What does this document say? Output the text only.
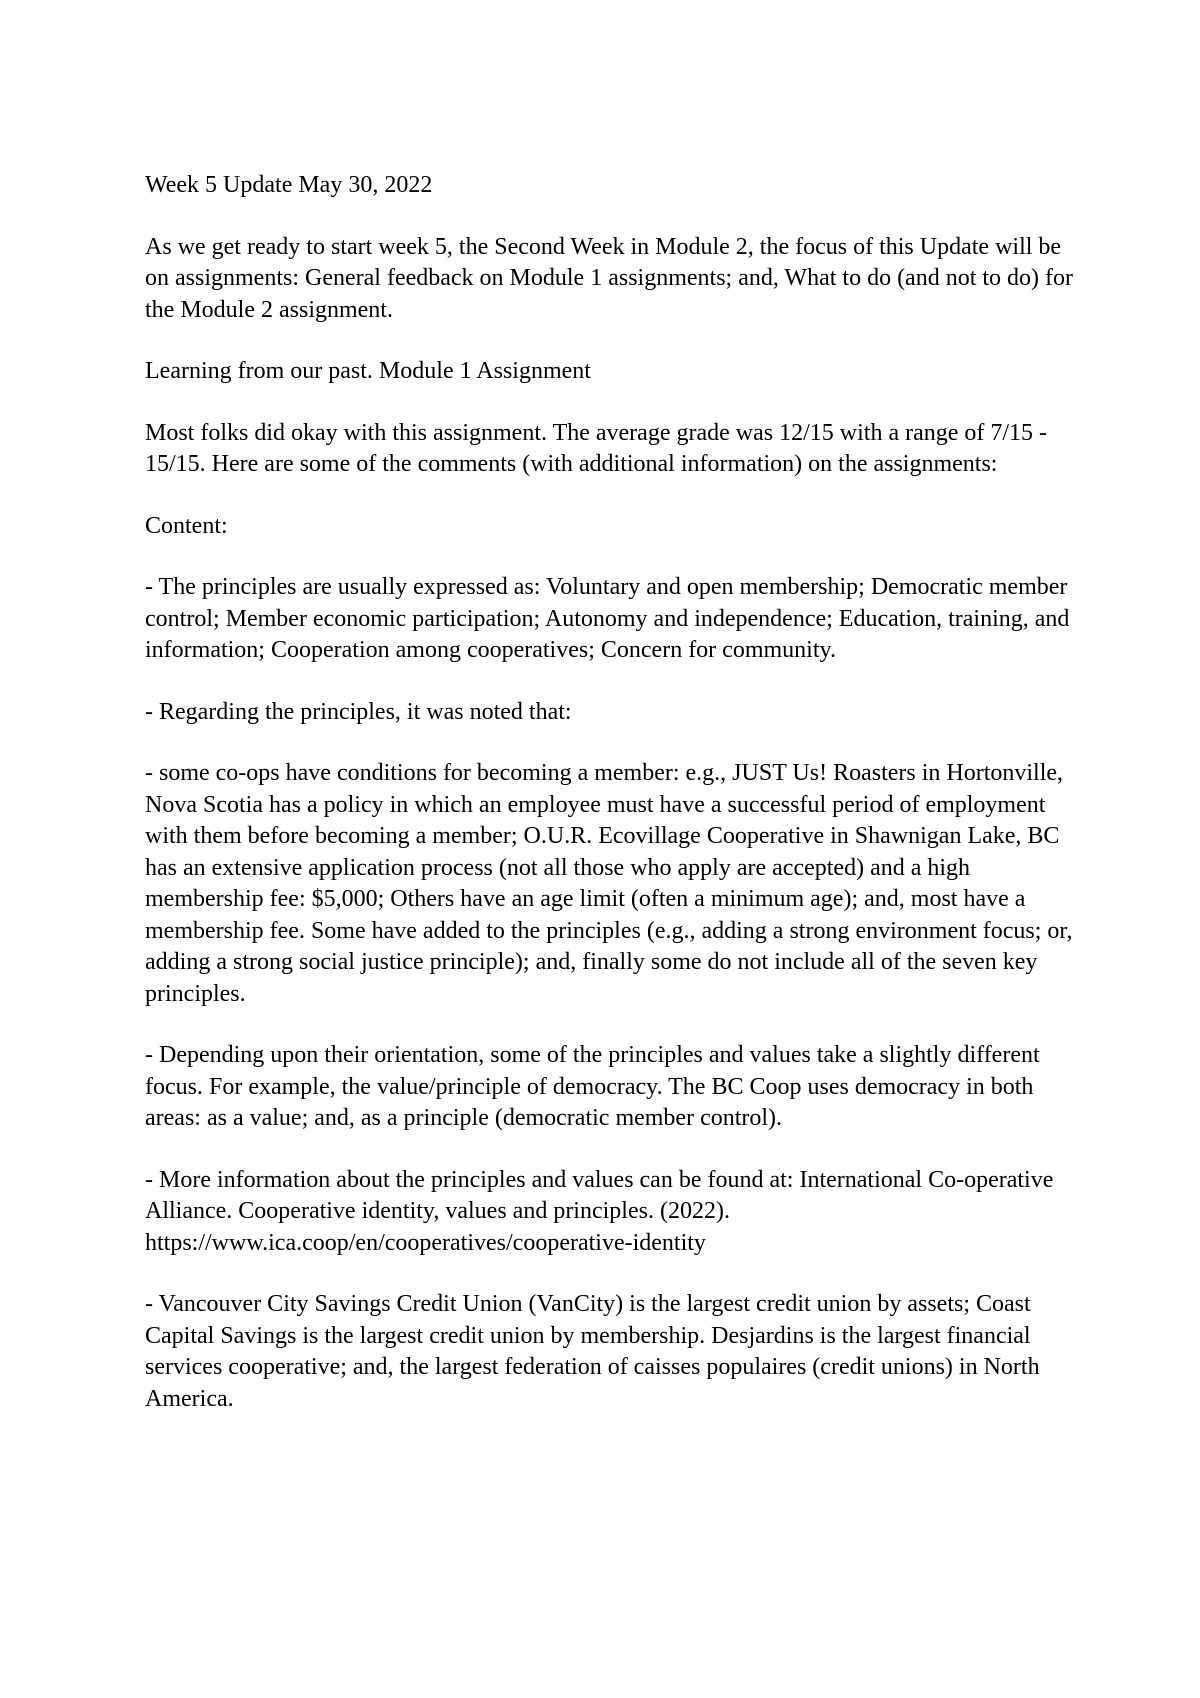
Week 5 Update May 30, 2022

As we get ready to start week 5, the Second Week in Module 2, the focus of this Update will be on assignments: General feedback on Module 1 assignments; and, What to do (and not to do) for the Module 2 assignment.

Learning from our past. Module 1 Assignment

Most folks did okay with this assignment. The average grade was 12/15 with a range of 7/15 - 15/15. Here are some of the comments (with additional information) on the assignments:

Content:

- The principles are usually expressed as: Voluntary and open membership; Democratic member control; Member economic participation; Autonomy and independence; Education, training, and information; Cooperation among cooperatives; Concern for community.

- Regarding the principles, it was noted that:

- some co-ops have conditions for becoming a member: e.g., JUST Us! Roasters in Hortonville, Nova Scotia has a policy in which an employee must have a successful period of employment with them before becoming a member; O.U.R. Ecovillage Cooperative in Shawnigan Lake, BC has an extensive application process (not all those who apply are accepted) and a high membership fee: $5,000; Others have an age limit (often a minimum age); and, most have a membership fee. Some have added to the principles (e.g., adding a strong environment focus; or, adding a strong social justice principle); and, finally some do not include all of the seven key principles.

- Depending upon their orientation, some of the principles and values take a slightly different focus. For example, the value/principle of democracy. The BC Coop uses democracy in both areas: as a value; and, as a principle (democratic member control).

- More information about the principles and values can be found at: International Co-operative Alliance. Cooperative identity, values and principles. (2022). https://www.ica.coop/en/cooperatives/cooperative-identity

- Vancouver City Savings Credit Union (VanCity) is the largest credit union by assets; Coast Capital Savings is the largest credit union by membership. Desjardins is the largest financial services cooperative; and, the largest federation of caisses populaires (credit unions) in North America.
